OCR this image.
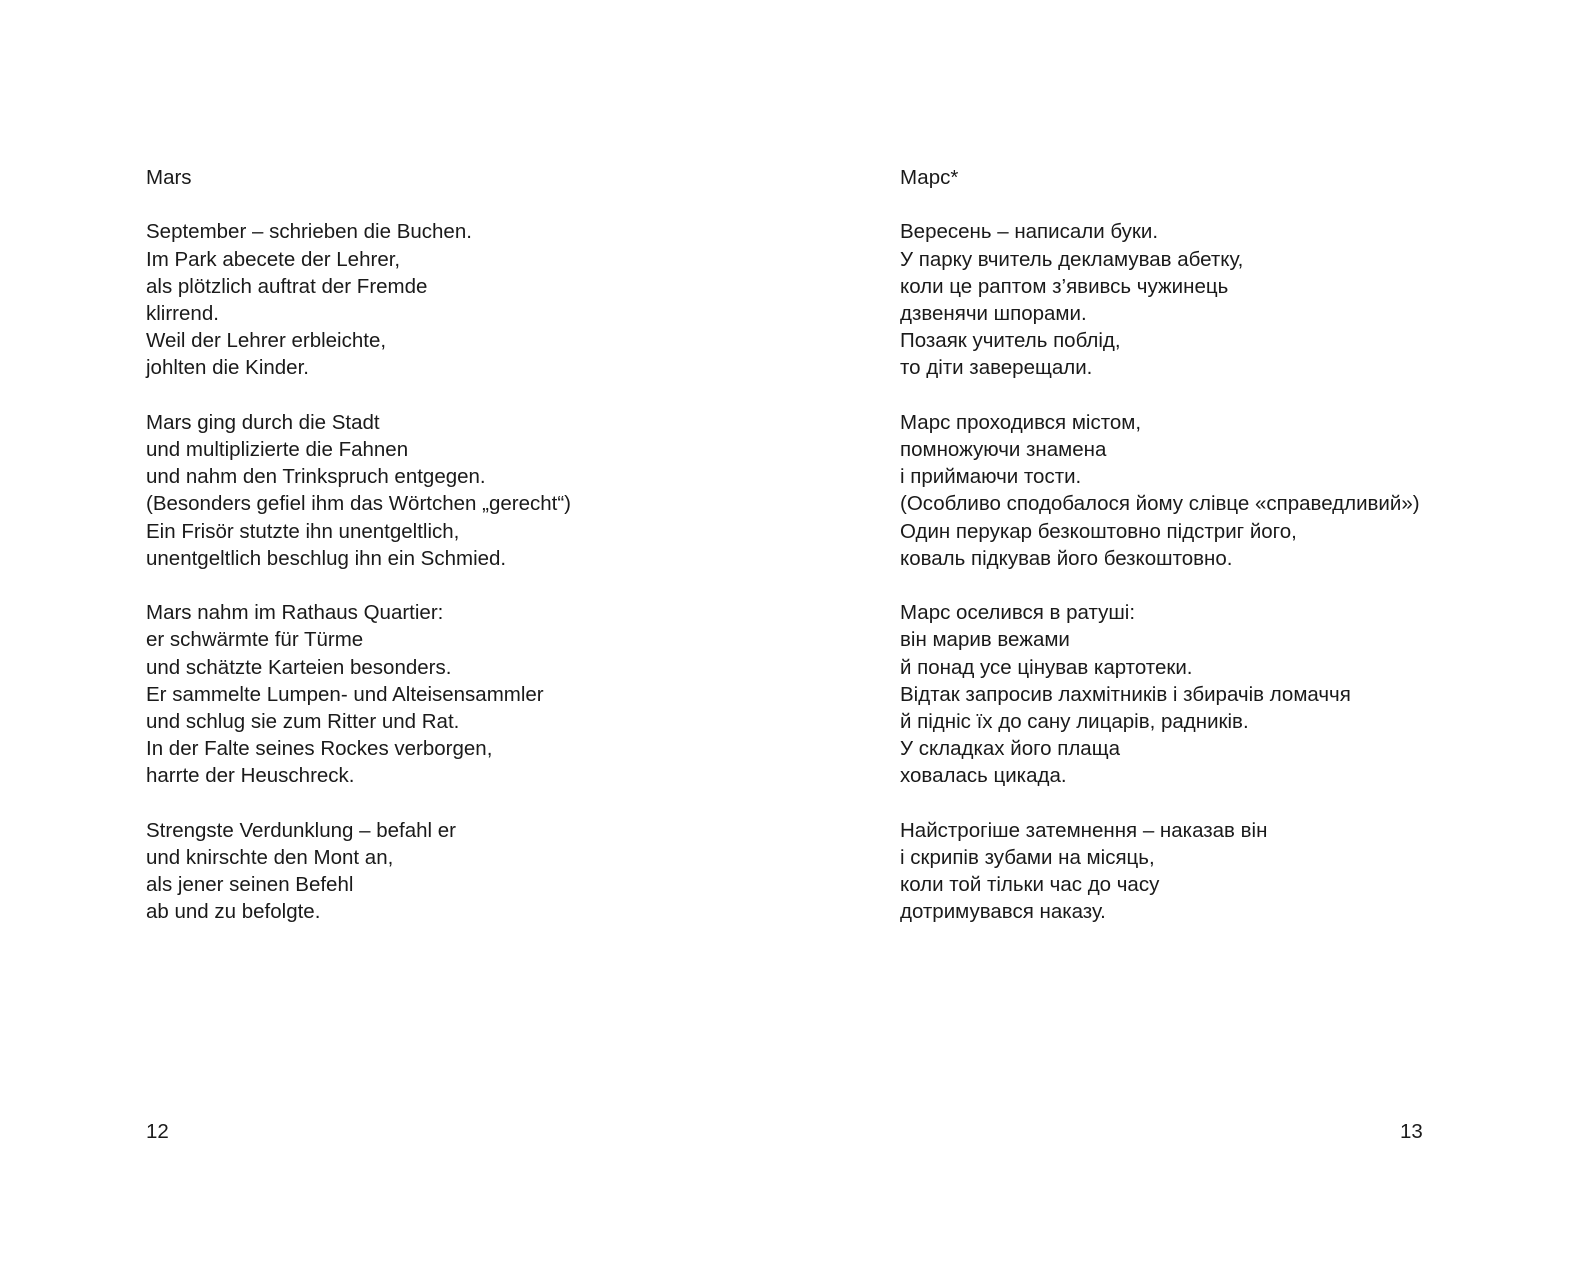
Mars
September – schrieben die Buchen.
Im Park abecete der Lehrer,
als plötzlich auftrat der Fremde
klirrend.
Weil der Lehrer erbleichte,
johlten die Kinder.
Mars ging durch die Stadt
und multiplizierte die Fahnen
und nahm den Trinkspruch entgegen.
(Besonders gefiel ihm das Wörtchen „gerecht“)
Ein Frisör stutzte ihn unentgeltlich,
unentgeltlich beschlug ihn ein Schmied.
Mars nahm im Rathaus Quartier:
er schwärmte für Türme
und schätzte Karteien besonders.
Er sammelte Lumpen- und Alteisensammler
und schlug sie zum Ritter und Rat.
In der Falte seines Rockes verborgen,
harrte der Heuschreck.
Strengste Verdunklung – befahl er
und knirschte den Mont an,
als jener seinen Befehl
ab und zu befolgte.
12
Марс*
Вересень – написали буки.
У парку вчитель декламував абетку,
коли це раптом з’явивсь чужинець
дзвенячи шпорами.
Позаяк учитель поблід,
то діти заверещали.
Марс проходився містом,
помножуючи знамена
і приймаючи тости.
(Особливо сподобалося йому слівце «справедливий»)
Один перукар безкоштовно підстриг його,
коваль підкував його безкоштовно.
Марс оселився в ратуші:
він марив вежами
й понад усе цінував картотеки.
Відтак запросив лахмітників і збирачів ломаччя
й підніс їх до сану лицарів, радників.
У складках його плаща
ховалась цикада.
Найстрогіше затемнення – наказав він
і скрипів зубами на місяць,
коли той тільки час до часу
дотримувався наказу.
13
